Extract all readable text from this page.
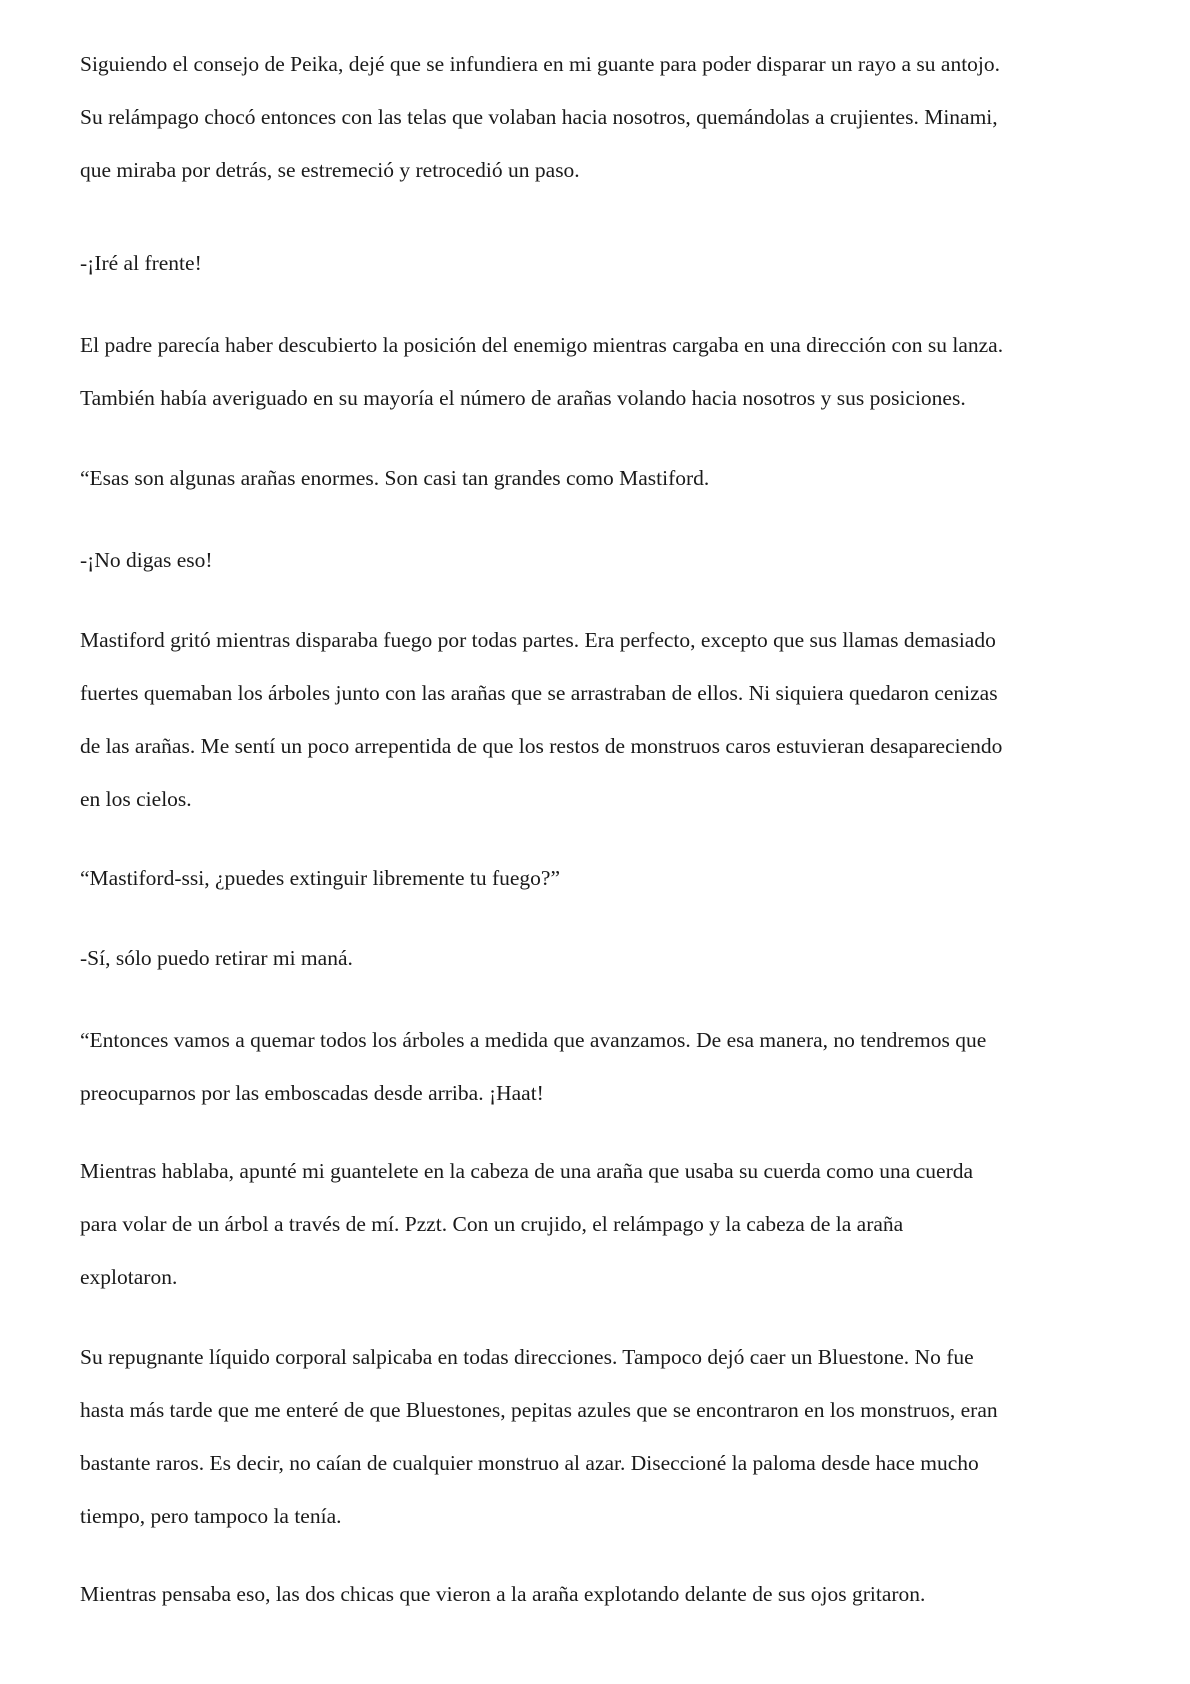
Siguiendo el consejo de Peika, dejé que se infundiera en mi guante para poder disparar un rayo a su antojo.
Su relámpago chocó entonces con las telas que volaban hacia nosotros, quemándolas a crujientes. Minami,
que miraba por detrás, se estremeció y retrocedió un paso.

-¡Iré al frente!

El padre parecía haber descubierto la posición del enemigo mientras cargaba en una dirección con su lanza.
También había averiguado en su mayoría el número de arañas volando hacia nosotros y sus posiciones.

“Esas son algunas arañas enormes. Son casi tan grandes como Mastiford.

-¡No digas eso!

Mastiford gritó mientras disparaba fuego por todas partes. Era perfecto, excepto que sus llamas demasiado
fuertes quemaban los árboles junto con las arañas que se arrastraban de ellos. Ni siquiera quedaron cenizas
de las arañas. Me sentí un poco arrepentida de que los restos de monstruos caros estuvieran desapareciendo
en los cielos.

“Mastiford-ssi, ¿puedes extinguir libremente tu fuego?”

-Sí, sólo puedo retirar mi maná.

“Entonces vamos a quemar todos los árboles a medida que avanzamos. De esa manera, no tendremos que
preocuparnos por las emboscadas desde arriba. ¡Haat!

Mientras hablaba, apunté mi guantelete en la cabeza de una araña que usaba su cuerda como una cuerda
para volar de un árbol a través de mí. Pzzt. Con un crujido, el relámpago y la cabeza de la araña
explotaron.

Su repugnante líquido corporal salpicaba en todas direcciones. Tampoco dejó caer un Bluestone. No fue
hasta más tarde que me enteré de que Bluestones, pepitas azules que se encontraron en los monstruos, eran
bastante raros. Es decir, no caían de cualquier monstruo al azar. Diseccioné la paloma desde hace mucho
tiempo, pero tampoco la tenía.

Mientras pensaba eso, las dos chicas que vieron a la araña explotando delante de sus ojos gritaron.
